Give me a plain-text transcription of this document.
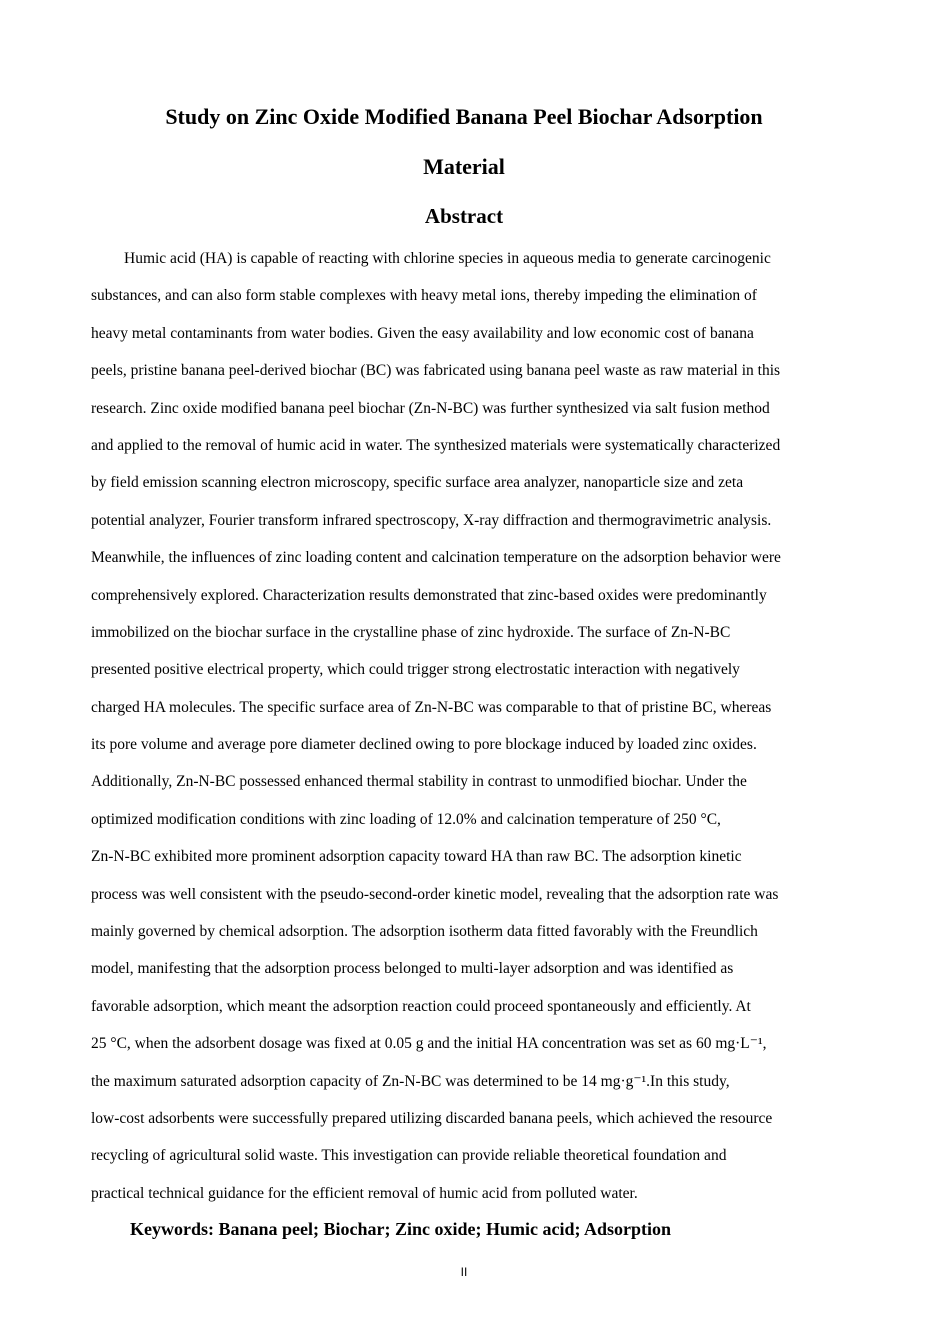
Study on Zinc Oxide Modified Banana Peel Biochar Adsorption
Material
Abstract
Humic acid (HA) is capable of reacting with chlorine species in aqueous media to generate carcinogenic
substances, and can also form stable complexes with heavy metal ions, thereby impeding the elimination of
heavy metal contaminants from water bodies. Given the easy availability and low economic cost of banana
peels, pristine banana peel-derived biochar (BC) was fabricated using banana peel waste as raw material in this
research. Zinc oxide modified banana peel biochar (Zn-N-BC) was further synthesized via salt fusion method
and applied to the removal of humic acid in water. The synthesized materials were systematically characterized
by field emission scanning electron microscopy, specific surface area analyzer, nanoparticle size and zeta
potential analyzer, Fourier transform infrared spectroscopy, X-ray diffraction and thermogravimetric analysis.
Meanwhile, the influences of zinc loading content and calcination temperature on the adsorption behavior were
comprehensively explored. Characterization results demonstrated that zinc-based oxides were predominantly
immobilized on the biochar surface in the crystalline phase of zinc hydroxide. The surface of Zn-N-BC
presented positive electrical property, which could trigger strong electrostatic interaction with negatively
charged HA molecules. The specific surface area of Zn-N-BC was comparable to that of pristine BC, whereas
its pore volume and average pore diameter declined owing to pore blockage induced by loaded zinc oxides.
Additionally, Zn-N-BC possessed enhanced thermal stability in contrast to unmodified biochar. Under the
optimized modification conditions with zinc loading of 12.0% and calcination temperature of 250 °C,
Zn-N-BC exhibited more prominent adsorption capacity toward HA than raw BC. The adsorption kinetic
process was well consistent with the pseudo-second-order kinetic model, revealing that the adsorption rate was
mainly governed by chemical adsorption. The adsorption isotherm data fitted favorably with the Freundlich
model, manifesting that the adsorption process belonged to multi-layer adsorption and was identified as
favorable adsorption, which meant the adsorption reaction could proceed spontaneously and efficiently. At
25 °C, when the adsorbent dosage was fixed at 0.05 g and the initial HA concentration was set as 60 mg·L⁻¹,
the maximum saturated adsorption capacity of Zn-N-BC was determined to be 14 mg·g⁻¹.In this study,
low-cost adsorbents were successfully prepared utilizing discarded banana peels, which achieved the resource
recycling of agricultural solid waste. This investigation can provide reliable theoretical foundation and
practical technical guidance for the efficient removal of humic acid from polluted water.

Keywords: Banana peel; Biochar; Zinc oxide; Humic acid; Adsorption

II
